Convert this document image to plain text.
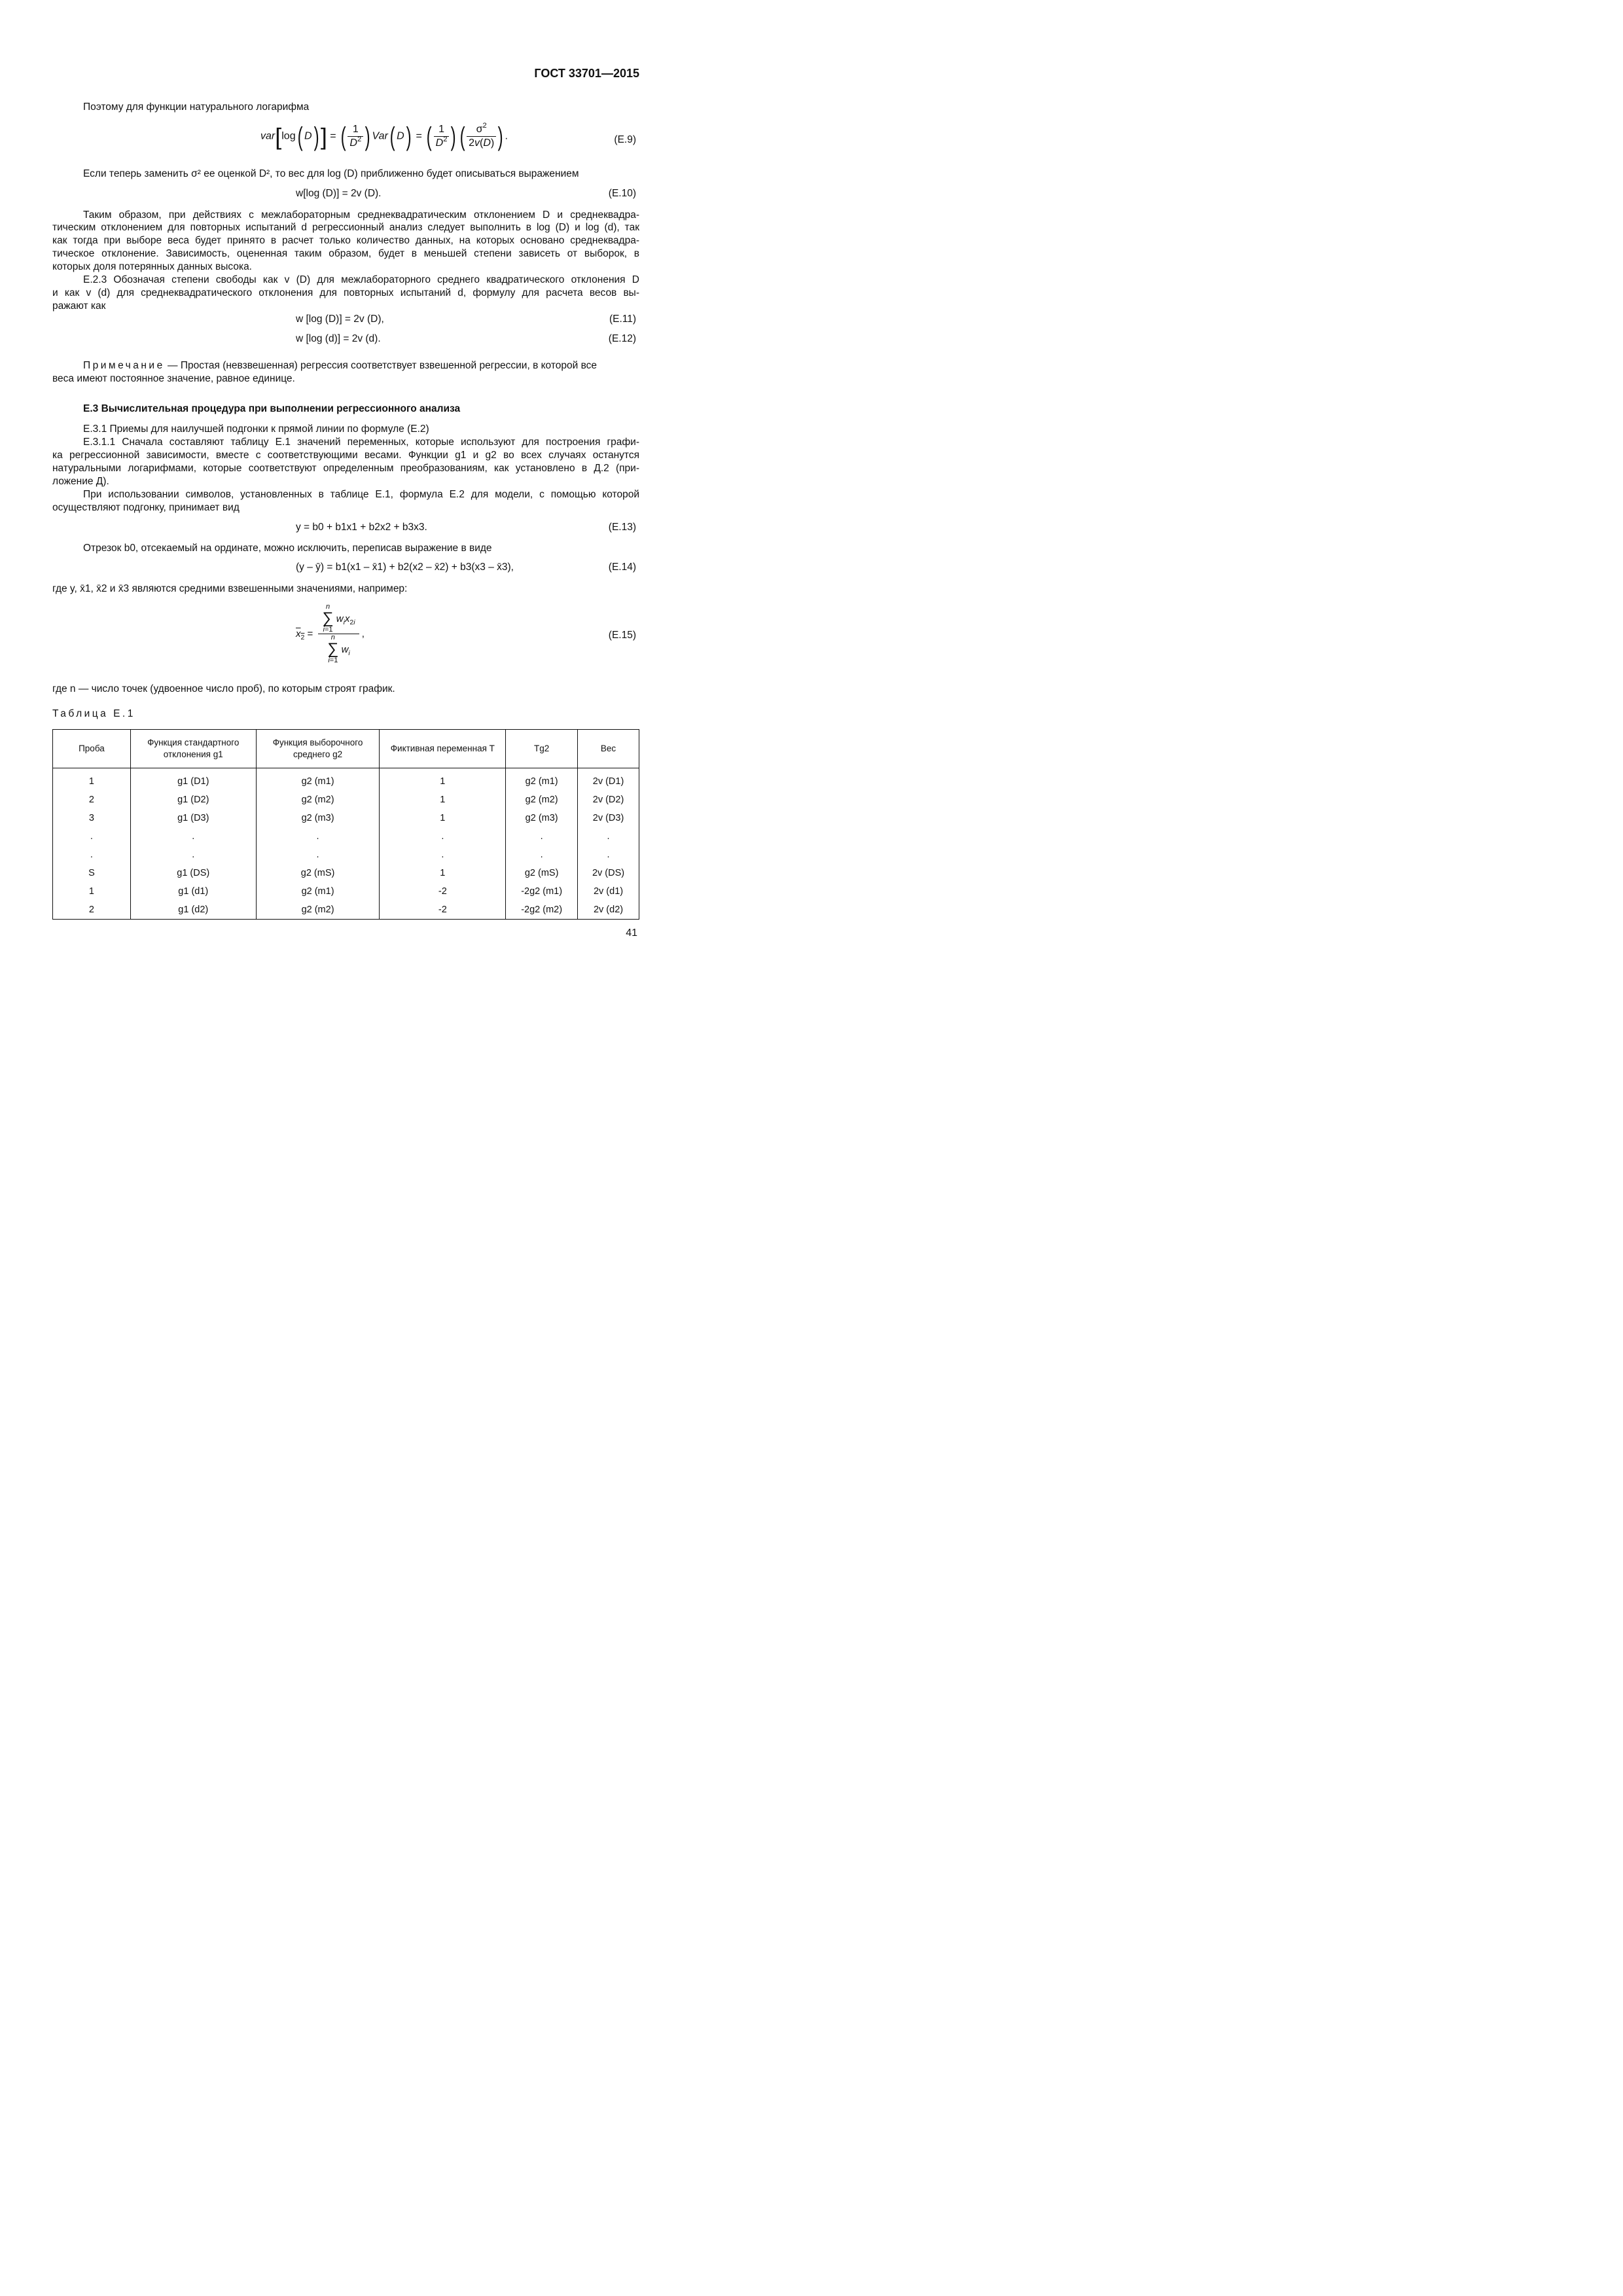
ГОСТ 33701—2015
Поэтому для функции натурального логарифма
var[log( D)] = ( $\frac{1}{D^2}$ ) Var( D) = ( $\frac{1}{D^2}$ ) ( $\frac{\sigma^2}{2v(D)}$ ) .	(E.9)
Если теперь заменить σ² ее оценкой D², то вес для log (D) приближенно будет описываться выражением
w[log (D)] = 2v (D).	(E.10)
Таким образом, при действиях с межлабораторным среднеквадратическим отклонением D и среднеквадра-
тическим отклонением для повторных испытаний d регрессионный анализ следует выполнить в log (D) и log (d), так
как тогда при выборе веса будет принято в расчет только количество данных, на которых основано среднеквадра-
тическое отклонение. Зависимость, оцененная таким образом, будет в меньшей степени зависеть от выборок, в
которых доля потерянных данных высока.
E.2.3 Обозначая степени свободы как v (D) для межлабораторного среднего квадратического отклонения D
и как v (d) для среднеквадратического отклонения для повторных испытаний d, формулу для расчета весов вы-
ражают как
w [log (D)] = 2v (D),	(E.11)
w [log (d)] = 2v (d).	(E.12)
Примечание — Простая (невзвешенная) регрессия соответствует взвешенной регрессии, в которой все
веса имеют постоянное значение, равное единице.
E.3 Вычислительная процедура при выполнении регрессионного анализа
E.3.1 Приемы для наилучшей подгонки к прямой линии по формуле (E.2)
E.3.1.1 Сначала составляют таблицу E.1 значений переменных, которые используют для построения графи-
ка регрессионной зависимости, вместе с соответствующими весами. Функции g1 и g2 во всех случаях останутся
натуральными логарифмами, которые соответствуют определенным преобразованиям, как установлено в Д.2 (при-
ложение Д).
При использовании символов, установленных в таблице E.1, формула E.2 для модели, с помощью которой
осуществляют подгонку, принимает вид
y = b0 + b1x1 + b2x2 + b3x3.	(E.13)
Отрезок b0, отсекаемый на ординате, можно исключить, переписав выражение в виде
(y – ȳ) = b1(x1 – x̄1) + b2(x2 – x̄2) + b3(x3 – x̄3),	(E.14)
где y, x̄1, x̄2 и x̄3 являются средними взвешенными значениями, например:
$x_2$ =
n
∑
i=1 $w_ix_{2i}$
n
∑
i=1 $w_i$
,	(E.15)
где n — число точек (удвоенное число проб), по которым строят график.
Таблица E.1
Проба	Функция стандартного отклонения g1	Функция выборочного среднего g2	Фиктивная переменная T	Tg2	Вес
1	g1 (D1)	g2 (m1)	1	g2 (m1)	2v (D1)
2	g1 (D2)	g2 (m2)	1	g2 (m2)	2v (D2)
3	g1 (D3)	g2 (m3)	1	g2 (m3)	2v (D3)
.	.	.	.	.	.
.	.	.	.	.	.
S	g1 (DS)	g2 (mS)	1	g2 (mS)	2v (DS)
1	g1 (d1)	g2 (m1)	-2	-2g2 (m1)	2v (d1)
2	g1 (d2)	g2 (m2)	-2	-2g2 (m2)	2v (d2)
41
